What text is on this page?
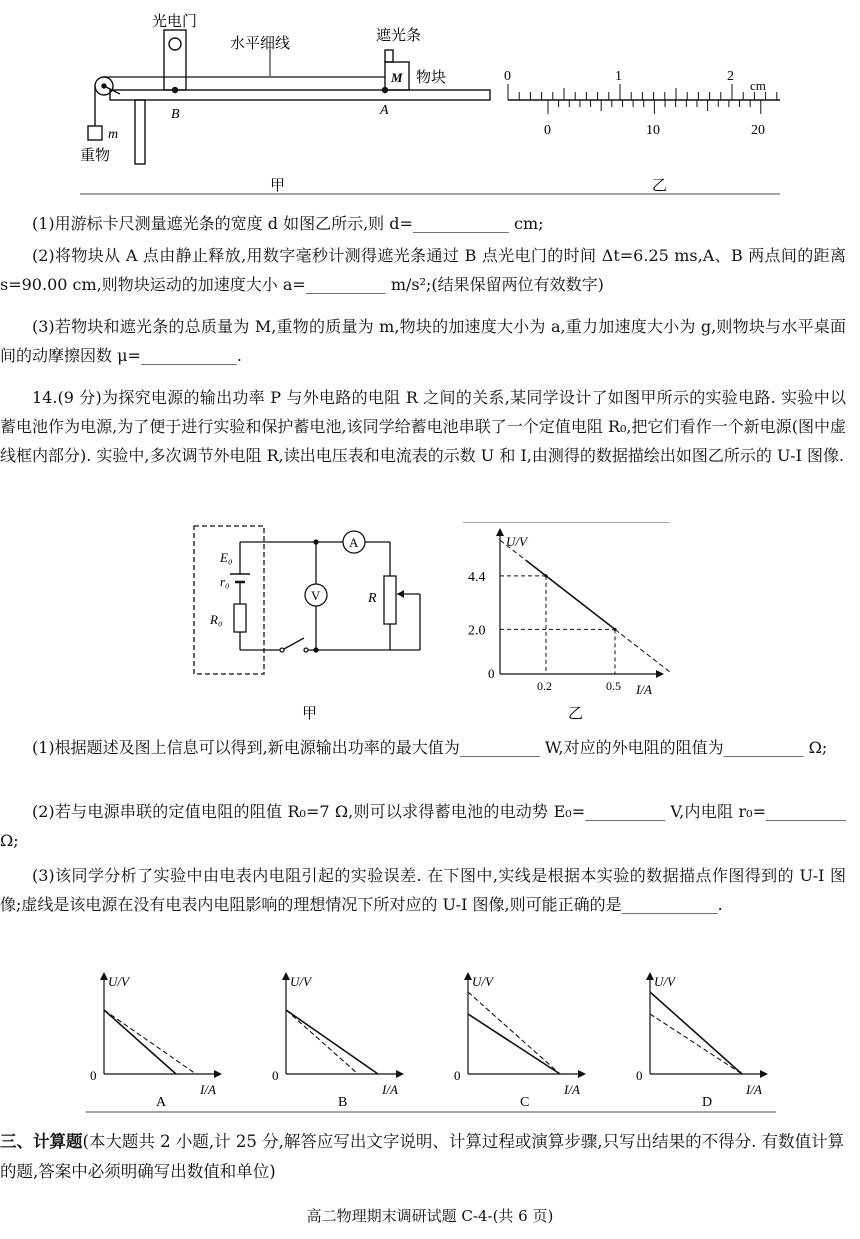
光电门
水平细线	遮光条
M 物块
B	A
m
重物
甲
0	1	2
cm
0	10	20
乙
(1)用游标卡尺测量遮光条的宽度 d 如图乙所示,则 d=____________ cm;
(2)将物块从 A 点由静止释放,用数字毫秒计测得遮光条通过 B 点光电门的时间 Δt=6.25 ms,A、B 两点间的距离 s=90.00 cm,则物块运动的加速度大小 a=__________ m/s²;(结果保留两位有效数字)
(3)若物块和遮光条的总质量为 M,重物的质量为 m,物块的加速度大小为 a,重力加速度大小为 g,则物块与水平桌面间的动摩擦因数 μ=____________.
14.(9 分)为探究电源的输出功率 P 与外电路的电阻 R 之间的关系,某同学设计了如图甲所示的实验电路. 实验中以蓄电池作为电源,为了便于进行实验和保护蓄电池,该同学给蓄电池串联了一个定值电阻 R₀,把它们看作一个新电源(图中虚线框内部分). 实验中,多次调节外电阻 R,读出电压表和电流表的示数 U 和 I,由测得的数据描绘出如图乙所示的 U-I 图像.
E₀
r₀
R₀
A
V	R
甲
U/V
I/A
0
乙
0.2
4.4
0.5
2.0
(1)根据题述及图上信息可以得到,新电源输出功率的最大值为__________ W,对应的外电阻的阻值为__________ Ω;
(2)若与电源串联的定值电阻的阻值 R₀=7 Ω,则可以求得蓄电池的电动势 E₀=__________ V,内电阻 r₀=__________ Ω;
(3)该同学分析了实验中由电表内电阻引起的实验误差. 在下图中,实线是根据本实验的数据描点作图得到的 U-I 图像;虚线是该电源在没有电表内电阻影响的理想情况下所对应的 U-I 图像,则可能正确的是____________.
U/V
I/A
0
A
U/V
I/A
0
B
U/V
I/A
0
C
U/V
I/A
0
D
三、计算题(本大题共 2 小题,计 25 分,解答应写出文字说明、计算过程或演算步骤,只写出结果的不得分. 有数值计算的题,答案中必须明确写出数值和单位)
高二物理期末调研试题 C-4-(共 6 页)
